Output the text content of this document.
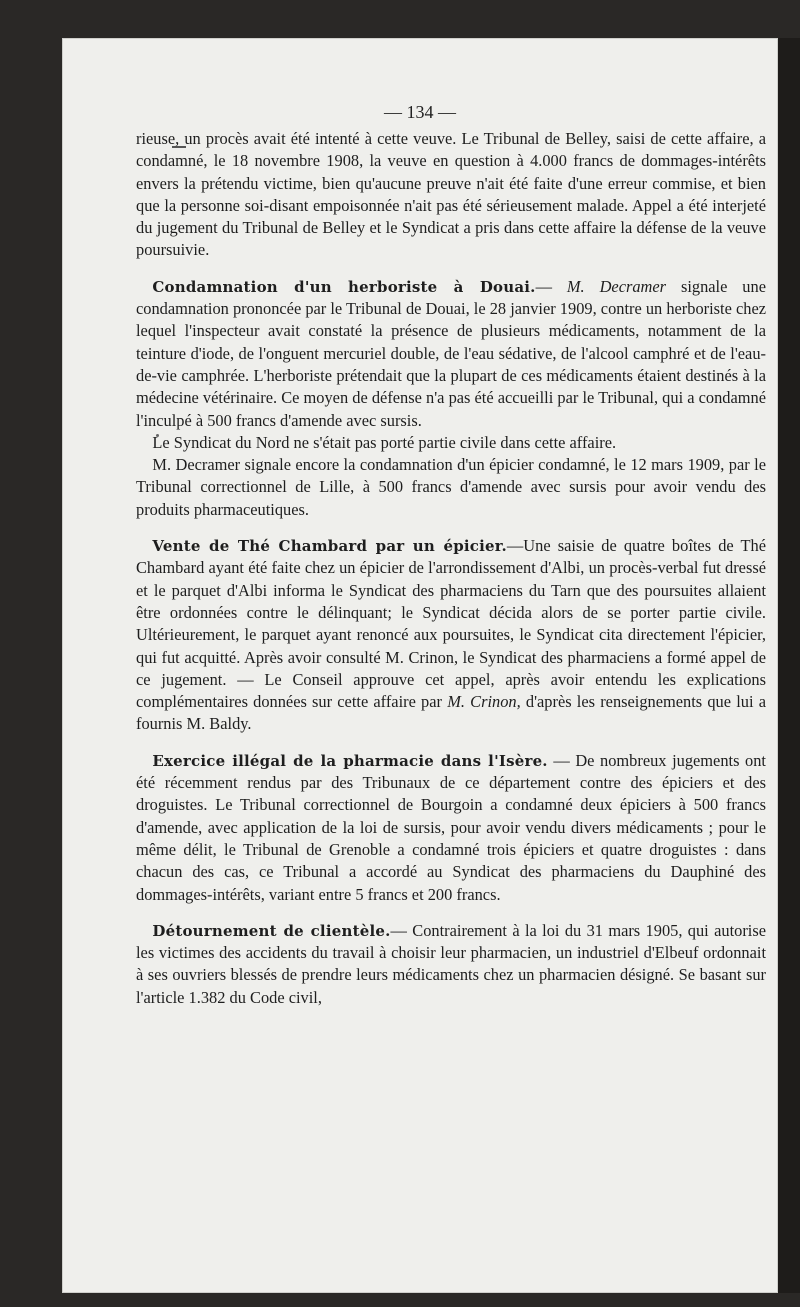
— 134 —

rieuse, un procès avait été intenté à cette veuve. Le Tribunal de Belley, saisi de cette affaire, a condamné, le 18 novembre 1908, la veuve en question à 4.000 francs de dommages-intérêts envers la prétendu victime, bien qu'aucune preuve n'ait été faite d'une erreur commise, et bien que la personne soi-disant empoisonnée n'ait pas été sérieusement malade. Appel a été interjeté du jugement du Tribunal de Belley et le Syndicat a pris dans cette affaire la défense de la veuve poursuivie.

Condamnation d'un herboriste à Douai.— M. Decramer signale une condamnation prononcée par le Tribunal de Douai, le 28 janvier 1909, contre un herboriste chez lequel l'inspecteur avait constaté la présence de plusieurs médicaments, notamment de la teinture d'iode, de l'onguent mercuriel double, de l'eau sédative, de l'alcool camphré et de l'eau-de-vie camphrée. L'herboriste prétendait que la plupart de ces médicaments étaient destinés à la médecine vétérinaire. Ce moyen de défense n'a pas été accueilli par le Tribunal, qui a condamné l'inculpé à 500 francs d'amende avec sursis.

Le Syndicat du Nord ne s'était pas porté partie civile dans cette affaire.

M. Decramer signale encore la condamnation d'un épicier condamné, le 12 mars 1909, par le Tribunal correctionnel de Lille, à 500 francs d'amende avec sursis pour avoir vendu des produits pharmaceutiques.

Vente de Thé Chambard par un épicier.—Une saisie de quatre boîtes de Thé Chambard ayant été faite chez un épicier de l'arrondissement d'Albi, un procès-verbal fut dressé et le parquet d'Albi informa le Syndicat des pharmaciens du Tarn que des poursuites allaient être ordonnées contre le délinquant; le Syndicat décida alors de se porter partie civile. Ultérieurement, le parquet ayant renoncé aux poursuites, le Syndicat cita directement l'épicier, qui fut acquitté. Après avoir consulté M. Crinon, le Syndicat des pharmaciens a formé appel de ce jugement. — Le Conseil approuve cet appel, après avoir entendu les explications complémentaires données sur cette affaire par M. Crinon, d'après les renseignements que lui a fournis M. Baldy.

Exercice illégal de la pharmacie dans l'Isère. — De nombreux jugements ont été récemment rendus par des Tribunaux de ce département contre des épiciers et des droguistes. Le Tribunal correctionnel de Bourgoin a condamné deux épiciers à 500 francs d'amende, avec application de la loi de sursis, pour avoir vendu divers médicaments ; pour le même délit, le Tribunal de Grenoble a condamné trois épiciers et quatre droguistes : dans chacun des cas, ce Tribunal a accordé au Syndicat des pharmaciens du Dauphiné des dommages-intérêts, variant entre 5 francs et 200 francs.

Détournement de clientèle.— Contrairement à la loi du 31 mars 1905, qui autorise les victimes des accidents du travail à choisir leur pharmacien, un industriel d'Elbeuf ordonnait à ses ouvriers blessés de prendre leurs médicaments chez un pharmacien désigné. Se basant sur l'article 1.382 du Code civil,
